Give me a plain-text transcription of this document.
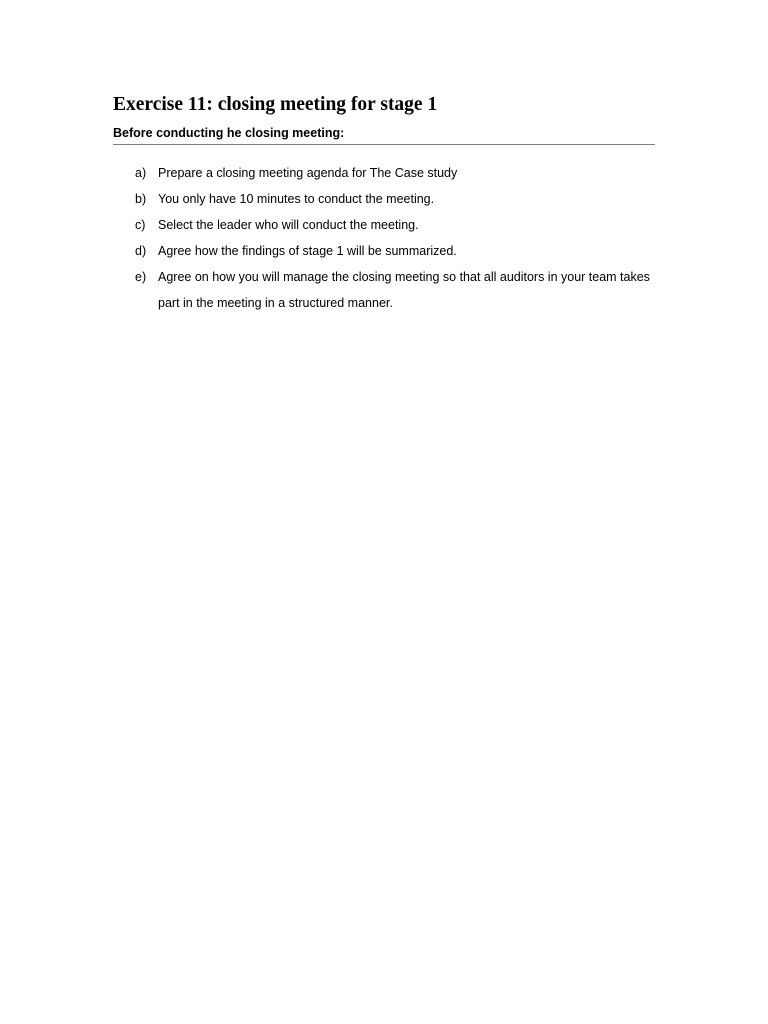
Exercise 11: closing meeting for stage 1
Before conducting he closing meeting:
a) Prepare a closing meeting agenda for The Case study
b) You only have 10 minutes to conduct the meeting.
c) Select the leader who will conduct the meeting.
d) Agree how the findings of stage 1 will be summarized.
e) Agree on how you will manage the closing meeting so that all auditors in your team takes part in the meeting in a structured manner.
